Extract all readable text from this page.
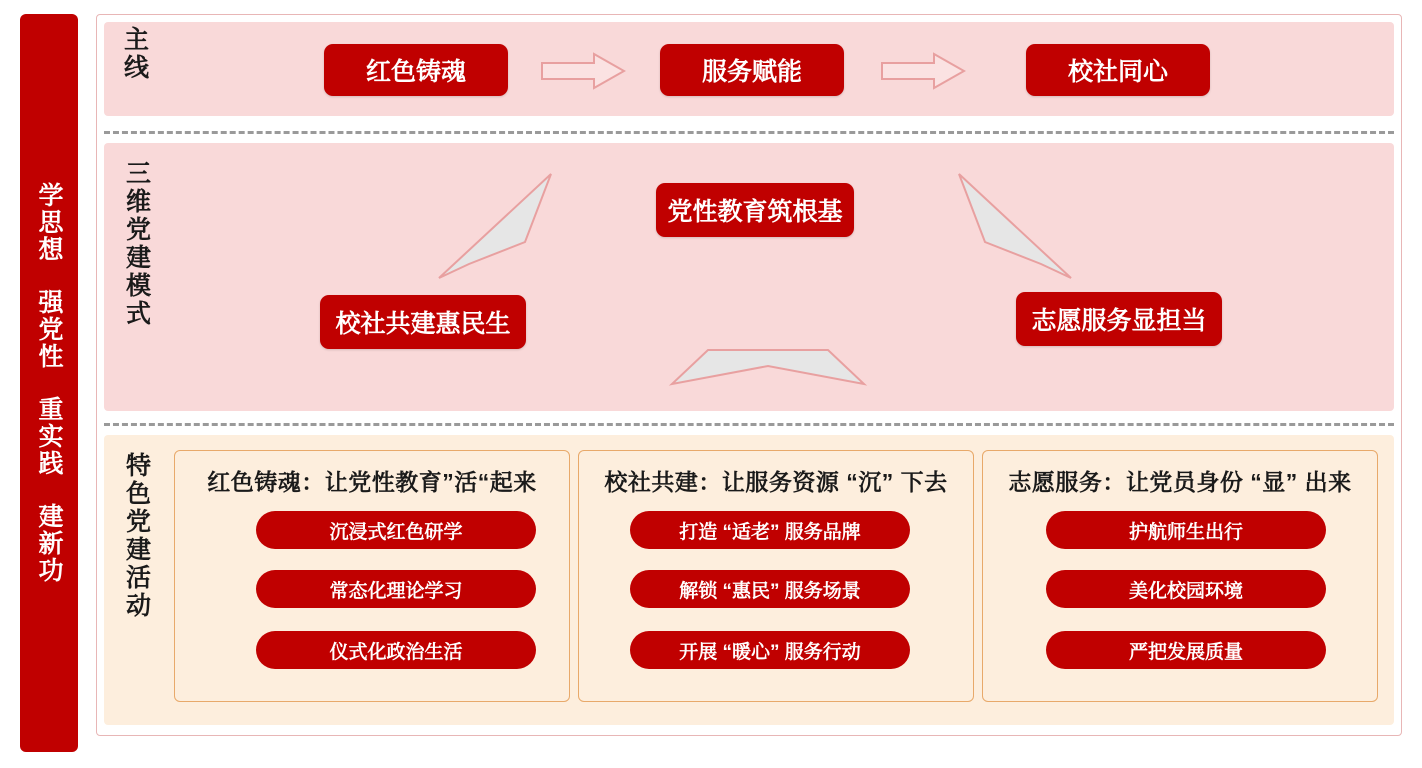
学思想
强党性
重实践
建新功
主线	红色铸魂	服务赋能	校社同心
三维党建模式	党性教育筑根基
校社共建惠民生	志愿服务显担当
特色党建活动	红色铸魂：让党性教育”活“起来	校社共建：让服务资源 “沉” 下去	志愿服务：让党员身份 “显” 出来
沉浸式红色研学
常态化理论学习
仪式化政治生活
打造 “适老” 服务品牌
解锁 “惠民” 服务场景
开展 “暖心” 服务行动
护航师生出行
美化校园环境
严把发展质量
